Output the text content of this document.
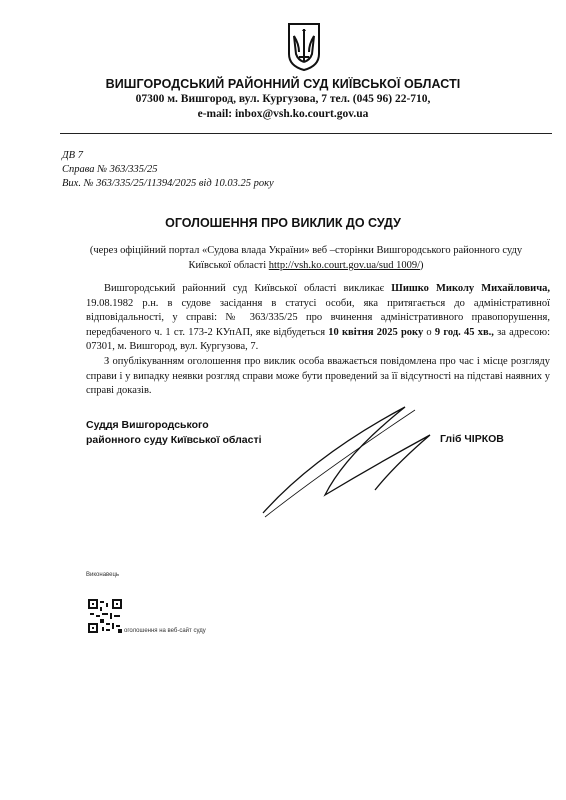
ВИШГОРОДСЬКИЙ РАЙОННИЙ СУД КИЇВСЬКОЇ ОБЛАСТІ
07300 м. Вишгород, вул. Кургузова, 7 тел. (045 96) 22-710,
e-mail: inbox@vsh.ko.court.gov.ua
ДВ 7
Справа № 363/335/25
Вих. № 363/335/25/11394/2025 від 10.03.25 року
ОГОЛОШЕННЯ ПРО ВИКЛИК ДО СУДУ
(через офіційний портал «Судова влада України» веб –сторінки Вишгородського районного суду Київської області http://vsh.ko.court.gov.ua/sud 1009/)

Вишгородський районний суд Київської області викликає Шишко Миколу Михайловича, 19.08.1982 р.н. в судове засідання в статусі особи, яка притягається до адміністративної відповідальності, у справі: № 363/335/25 про вчинення адміністративного правопорушення, передбаченого ч. 1 ст. 173-2 КУпАП, яке відбудеться 10 квітня 2025 року о 9 год. 45 хв., за адресою: 07301, м. Вишгород, вул. Кургузова, 7.

З опублікуванням оголошення про виклик особа вважається повідомлена про час і місце розгляду справи і у випадку неявки розгляд справи може бути проведений за її відсутності на підставі наявних у справі доказів.

Суддя Вишгородського
районного суду Київської області	Гліб ЧІРКОВ
Виконавець
оголошення на веб-сайт суду
